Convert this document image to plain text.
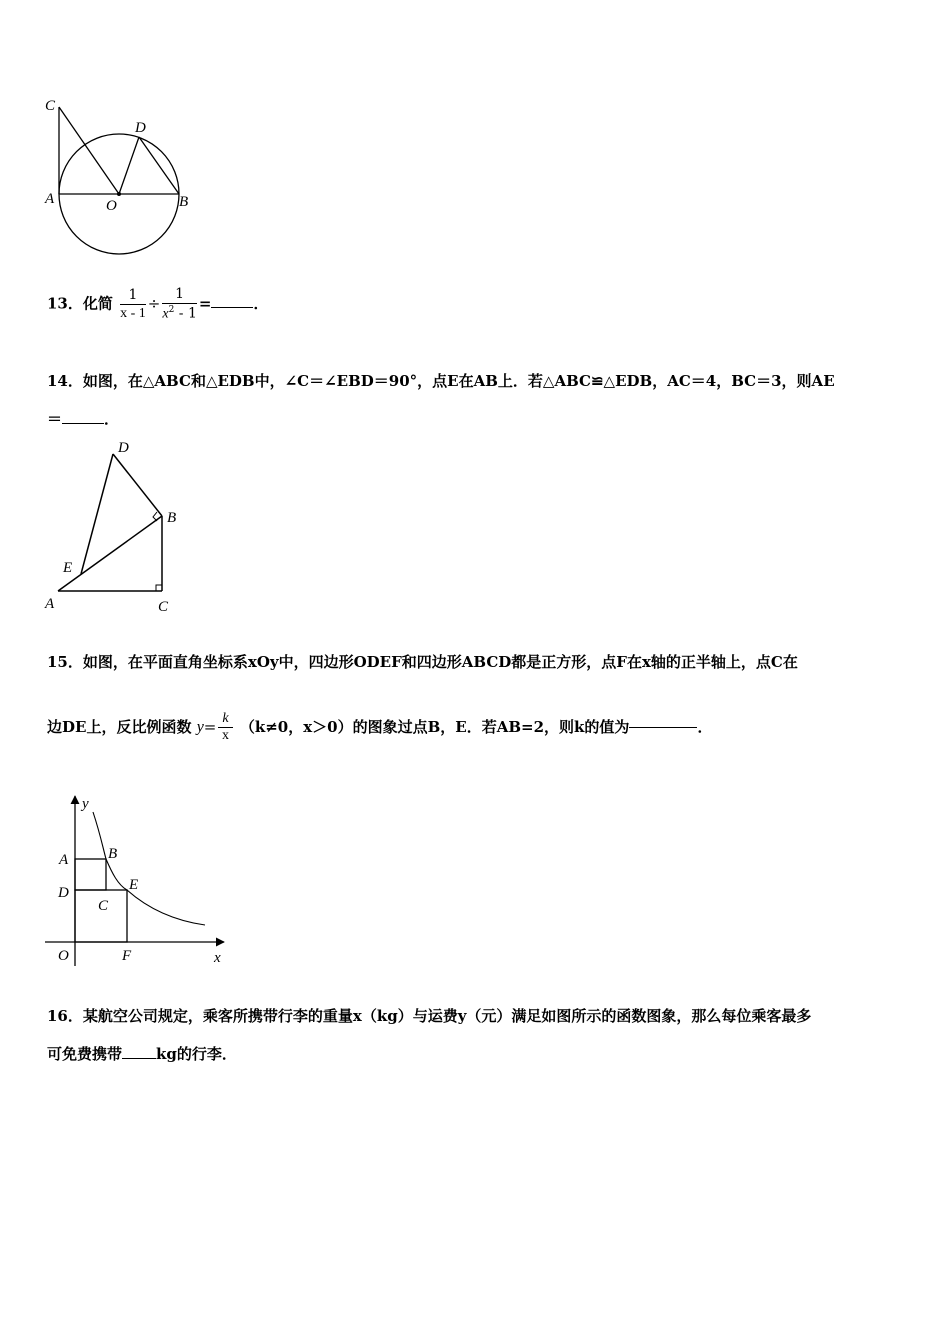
C
D
A	O	B
13．化简 $\frac{1}{x - 1} \div \frac{1}{x^2 - 1}$ =	．
14．如图，在△ABC和△EDB中，∠C＝∠EBD＝90°，点E在AB上．若△ABC≌△EDB，AC＝4，BC＝3，则AE
＝	．
D
B
E
A	C
15．如图，在平面直角坐标系xOy中，四边形ODEF和四边形ABCD都是正方形，点F在x轴的正半轴上，点C在
边DE上，反比例函数 $y= \frac{k}{x} (k\ne 0$，x＞0）的图象过点B，E．若AB=2，则k的值为	．
y
x
A	B
D	E
C
O	F
16．某航空公司规定，乘客所携带行李的重量x（kg）与运费y（元）满足如图所示的函数图象，那么每位乘客最多
可免费携带 kg的行李．
